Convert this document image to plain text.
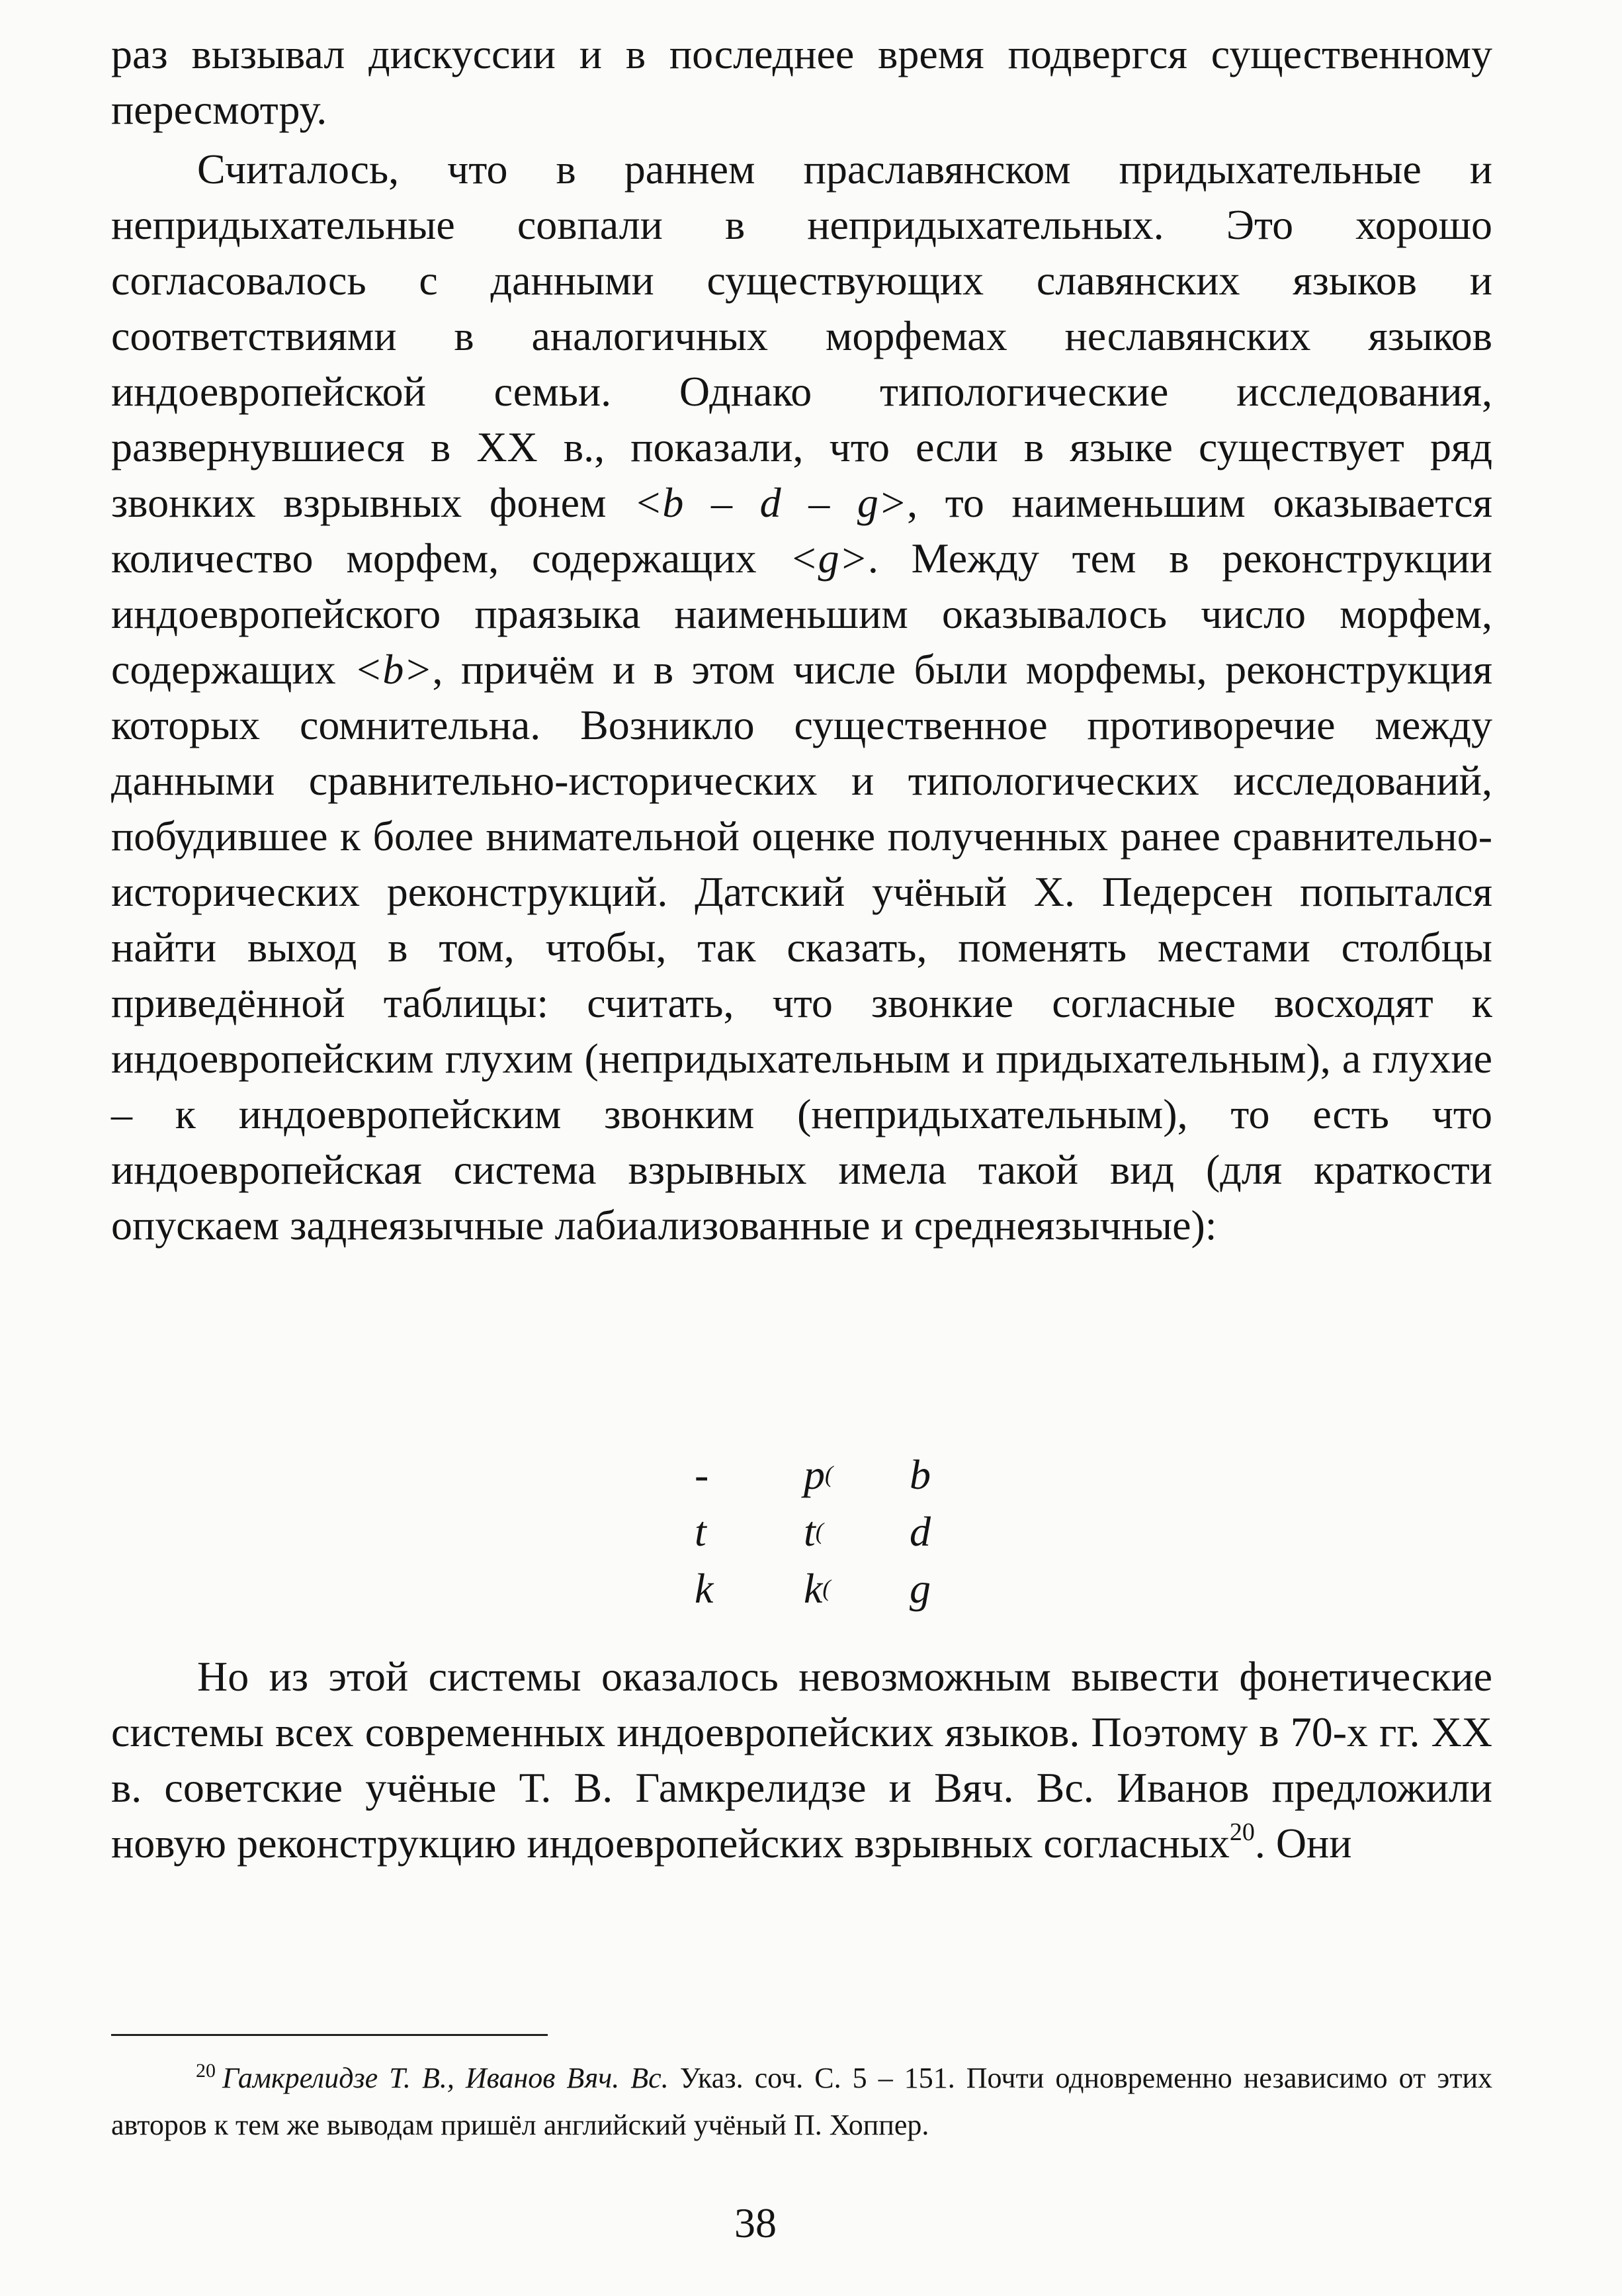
раз вызывал дискуссии и в последнее время подвергся существенному пересмотру.

Считалось, что в раннем праславянском придыхательные и непридыхательные совпали в непридыхательных. Это хорошо согласовалось с данными существующих славянских языков и соответствиями в аналогичных морфемах неславянских языков индоевропейской семьи. Однако типологические исследования, развернувшиеся в XX в., показали, что если в языке существует ряд звонких взрывных фонем <b – d – g>, то наименьшим оказывается количество морфем, содержащих <g>. Между тем в реконструкции индоевропейского праязыка наименьшим оказывалось число морфем, содержащих <b>, причём и в этом числе были морфемы, реконструкция которых сомнительна. Возникло существенное противоречие между данными сравнительно-исторических и типологических исследований, побудившее к более внимательной оценке полученных ранее сравнительно-исторических реконструкций. Датский учёный Х. Педерсен попытался найти выход в том, чтобы, так сказать, поменять местами столбцы приведённой таблицы: считать, что звонкие согласные восходят к индоевропейским глухим (непридыхательным и придыхательным), а глухие – к индоевропейским звонким (непридыхательным), то есть что индоевропейская система взрывных имела такой вид (для краткости опускаем заднеязычные лабиализованные и среднеязычные):

- p( b
t t( d
k k( g

Но из этой системы оказалось невозможным вывести фонетические системы всех современных индоевропейских языков. Поэтому в 70-х гг. XX в. советские учёные Т. В. Гамкрелидзе и Вяч. Вс. Иванов предложили новую реконструкцию индоевропейских взрывных согласных$^{20}$. Они

$^{20}$ Гамкрелидзе Т. В., Иванов Вяч. Вс. Указ. соч. С. 5 – 151. Почти одновременно независимо от этих авторов к тем же выводам пришёл английский учёный П. Хоппер.
38
